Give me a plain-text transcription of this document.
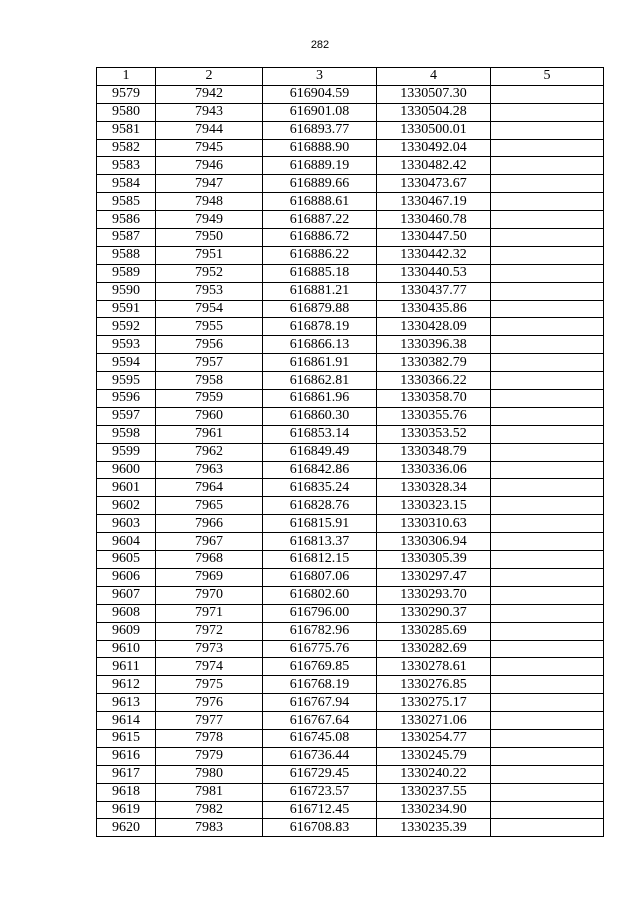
282
1	2	3	4	5
9579	7942	616904.59	1330507.30	
9580	7943	616901.08	1330504.28	
9581	7944	616893.77	1330500.01	
9582	7945	616888.90	1330492.04	
9583	7946	616889.19	1330482.42	
9584	7947	616889.66	1330473.67	
9585	7948	616888.61	1330467.19	
9586	7949	616887.22	1330460.78	
9587	7950	616886.72	1330447.50	
9588	7951	616886.22	1330442.32	
9589	7952	616885.18	1330440.53	
9590	7953	616881.21	1330437.77	
9591	7954	616879.88	1330435.86	
9592	7955	616878.19	1330428.09	
9593	7956	616866.13	1330396.38	
9594	7957	616861.91	1330382.79	
9595	7958	616862.81	1330366.22	
9596	7959	616861.96	1330358.70	
9597	7960	616860.30	1330355.76	
9598	7961	616853.14	1330353.52	
9599	7962	616849.49	1330348.79	
9600	7963	616842.86	1330336.06	
9601	7964	616835.24	1330328.34	
9602	7965	616828.76	1330323.15	
9603	7966	616815.91	1330310.63	
9604	7967	616813.37	1330306.94	
9605	7968	616812.15	1330305.39	
9606	7969	616807.06	1330297.47	
9607	7970	616802.60	1330293.70	
9608	7971	616796.00	1330290.37	
9609	7972	616782.96	1330285.69	
9610	7973	616775.76	1330282.69	
9611	7974	616769.85	1330278.61	
9612	7975	616768.19	1330276.85	
9613	7976	616767.94	1330275.17	
9614	7977	616767.64	1330271.06	
9615	7978	616745.08	1330254.77	
9616	7979	616736.44	1330245.79	
9617	7980	616729.45	1330240.22	
9618	7981	616723.57	1330237.55	
9619	7982	616712.45	1330234.90	
9620	7983	616708.83	1330235.39	
